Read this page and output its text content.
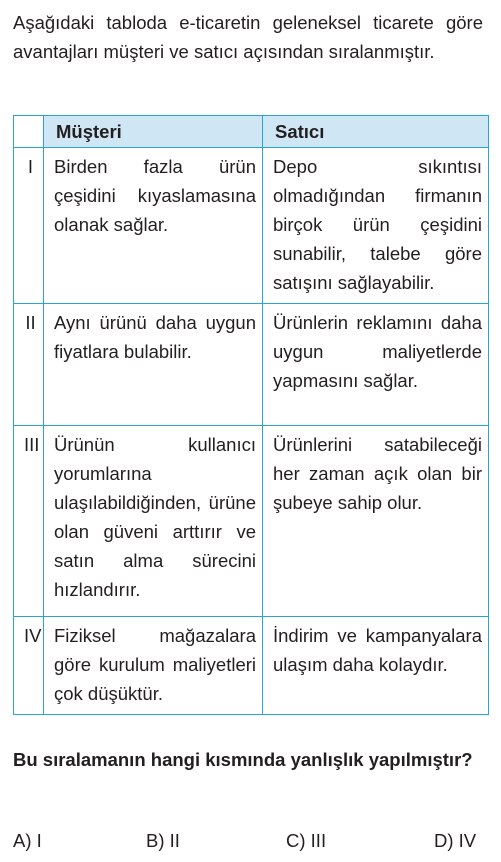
Aşağıdaki tabloda e-ticaretin geleneksel ticarete göre avantajları müşteri ve satıcı açısından sıralanmıştır.

	Müşteri	Satıcı
I	Birden fazla ürün çeşidini kıyaslamasına olanak sağlar.	Depo sıkıntısı olmadığından firmanın birçok ürün çeşidini sunabilir, talebe göre satışını sağlayabilir.
II	Aynı ürünü daha uygun fiyatlara bulabilir.	Ürünlerin reklamını daha uygun maliyetlerde yapmasını sağlar.
III	Ürünün kullanıcı yorumlarına ulaşılabildiğinden, ürüne olan güveni arttırır ve satın alma sürecini hızlandırır.	Ürünlerini satabileceği her zaman açık olan bir şubeye sahip olur.
IV	Fiziksel mağazalara göre kurulum maliyetleri çok düşüktür.	İndirim ve kampanyalara ulaşım daha kolaydır.

Bu sıralamanın hangi kısmında yanlışlık yapılmıştır?

A) I	B) II	C) III	D) IV
